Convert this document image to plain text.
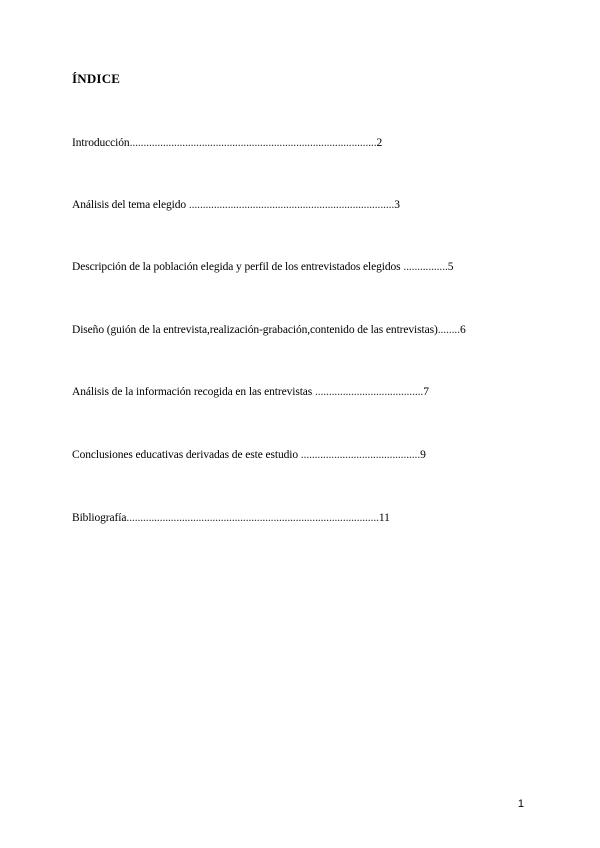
ÍNDICE
Introducción.........................................................................................2
Análisis del tema elegido ..........................................................................3
Descripción de la población elegida y perfil de los entrevistados elegidos ................5
Diseño (guión de la entrevista,realización-grabación,contenido de las entrevistas)........6
Análisis de la información recogida en las entrevistas .......................................7
Conclusiones educativas derivadas de este estudio ...........................................9
Bibliografía...........................................................................................11
1
